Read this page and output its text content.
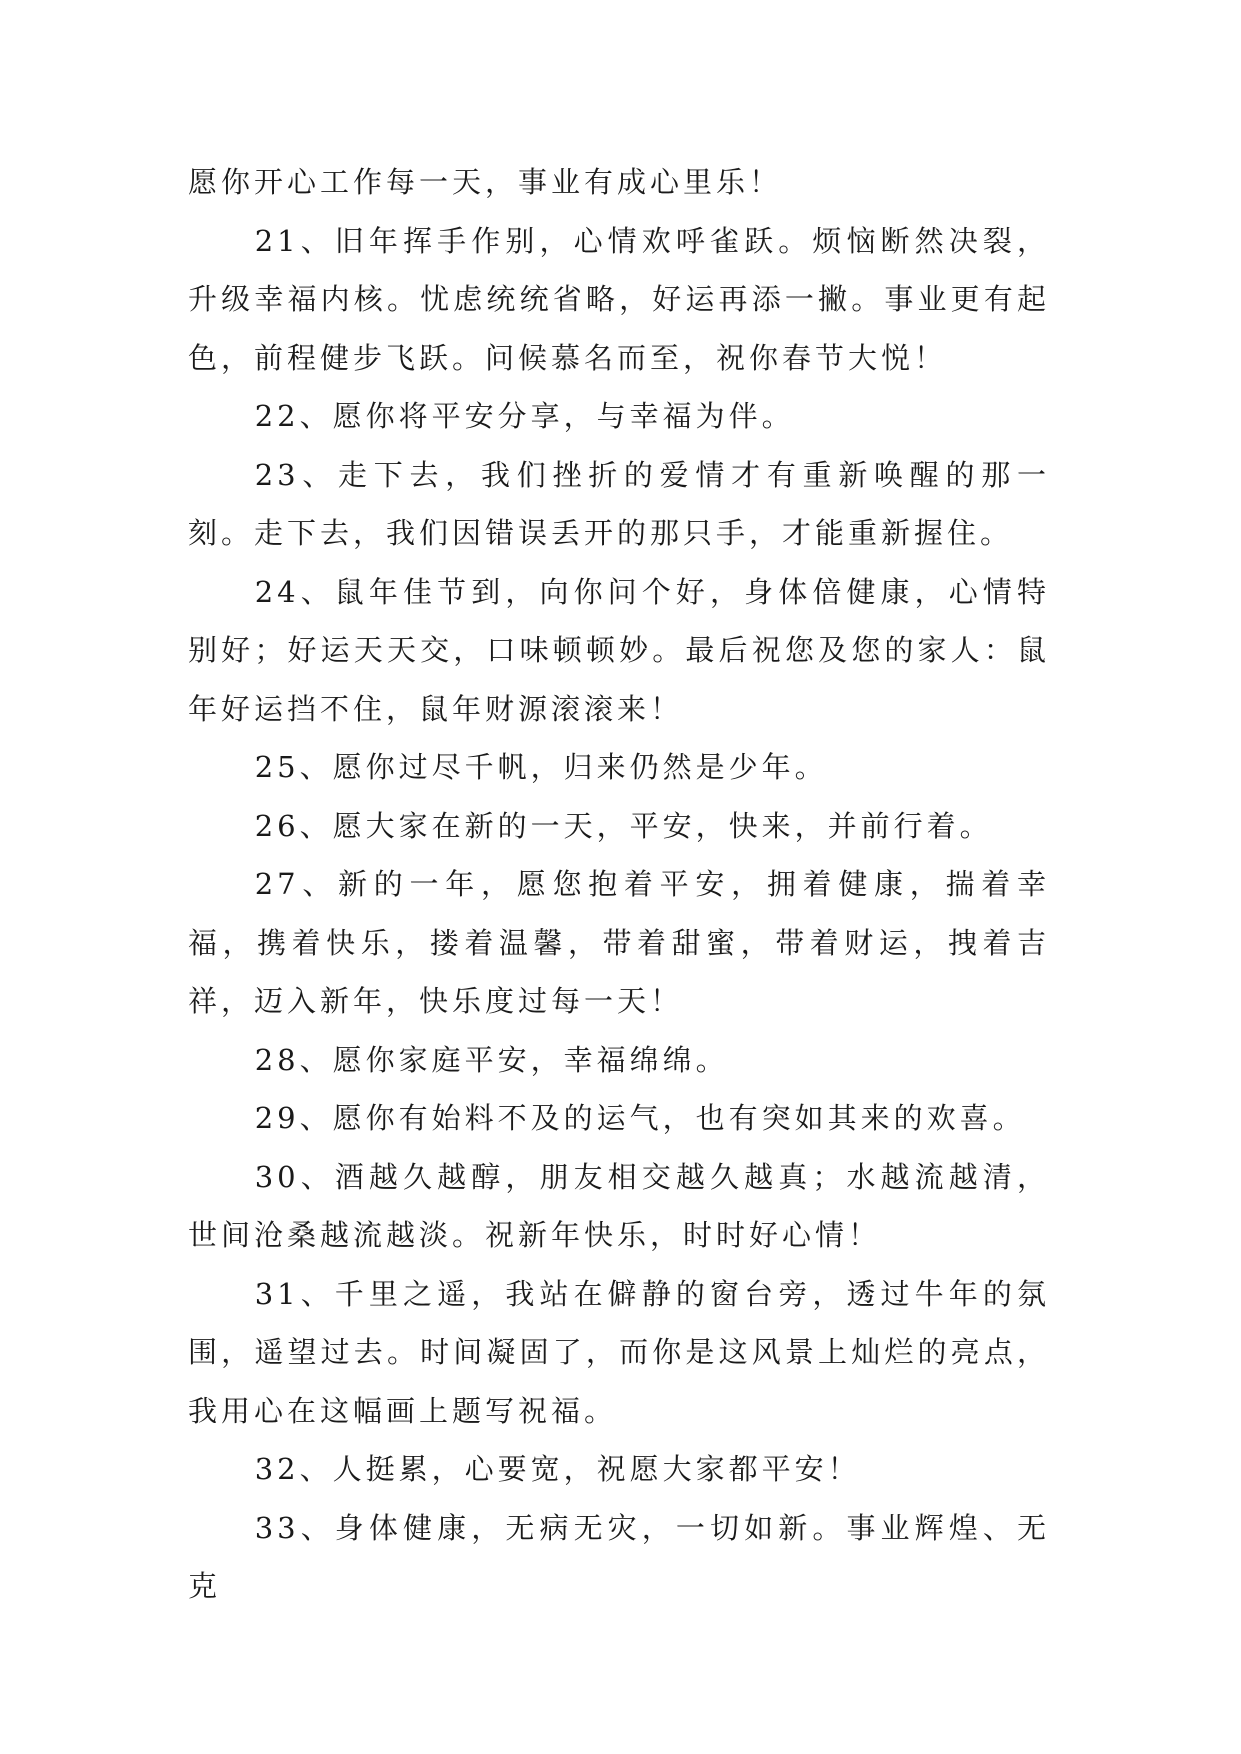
愿你开心工作每一天，事业有成心里乐！

21、旧年挥手作别，心情欢呼雀跃。烦恼断然决裂，升级幸福内核。忧虑统统省略，好运再添一撇。事业更有起色，前程健步飞跃。问候慕名而至，祝你春节大悦！

22、愿你将平安分享，与幸福为伴。

23、走下去，我们挫折的爱情才有重新唤醒的那一刻。走下去，我们因错误丢开的那只手，才能重新握住。

24、鼠年佳节到，向你问个好，身体倍健康，心情特别好；好运天天交，口味顿顿妙。最后祝您及您的家人：鼠年好运挡不住，鼠年财源滚滚来！

25、愿你过尽千帆，归来仍然是少年。

26、愿大家在新的一天，平安，快来，并前行着。

27、新的一年，愿您抱着平安，拥着健康，揣着幸福，携着快乐，搂着温馨，带着甜蜜，带着财运，拽着吉祥，迈入新年，快乐度过每一天！

28、愿你家庭平安，幸福绵绵。

29、愿你有始料不及的运气，也有突如其来的欢喜。

30、酒越久越醇，朋友相交越久越真；水越流越清，世间沧桑越流越淡。祝新年快乐，时时好心情！

31、千里之遥，我站在僻静的窗台旁，透过牛年的氛围，遥望过去。时间凝固了，而你是这风景上灿烂的亮点，我用心在这幅画上题写祝福。

32、人挺累，心要宽，祝愿大家都平安！

33、身体健康，无病无灾，一切如新。事业辉煌、无克
